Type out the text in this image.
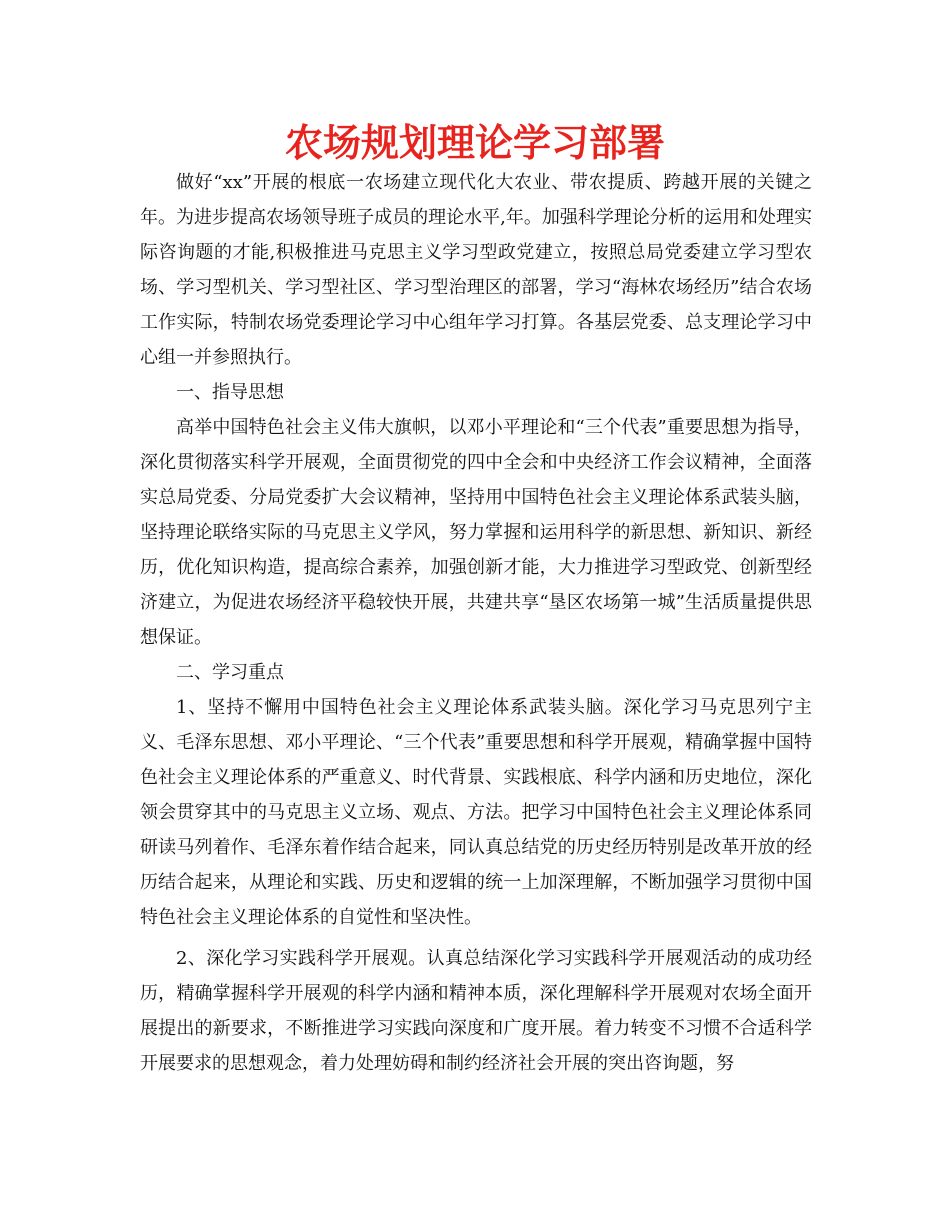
农场规划理论学习部署

做好“xx”开展的根底一农场建立现代化大农业、带农提质、跨越开展的关键之年。为进步提高农场领导班子成员的理论水平,年。加强科学理论分析的运用和处理实际咨询题的才能,积极推进马克思主义学习型政党建立，按照总局党委建立学习型农场、学习型机关、学习型社区、学习型治理区的部署，学习“海林农场经历”结合农场工作实际，特制农场党委理论学习中心组年学习打算。各基层党委、总支理论学习中心组一并参照执行。

一、指导思想

高举中国特色社会主义伟大旗帜，以邓小平理论和“三个代表”重要思想为指导，深化贯彻落实科学开展观，全面贯彻党的四中全会和中央经济工作会议精神，全面落实总局党委、分局党委扩大会议精神，坚持用中国特色社会主义理论体系武装头脑，坚持理论联络实际的马克思主义学风，努力掌握和运用科学的新思想、新知识、新经历，优化知识构造，提高综合素养，加强创新才能，大力推进学习型政党、创新型经济建立，为促进农场经济平稳较快开展，共建共享“垦区农场第一城”生活质量提供思想保证。

二、学习重点

1、坚持不懈用中国特色社会主义理论体系武装头脑。深化学习马克思列宁主义、毛泽东思想、邓小平理论、“三个代表”重要思想和科学开展观，精确掌握中国特色社会主义理论体系的严重意义、时代背景、实践根底、科学内涵和历史地位，深化领会贯穿其中的马克思主义立场、观点、方法。把学习中国特色社会主义理论体系同研读马列着作、毛泽东着作结合起来，同认真总结党的历史经历特别是改革开放的经历结合起来，从理论和实践、历史和逻辑的统一上加深理解，不断加强学习贯彻中国特色社会主义理论体系的自觉性和坚决性。

2、深化学习实践科学开展观。认真总结深化学习实践科学开展观活动的成功经历，精确掌握科学开展观的科学内涵和精神本质，深化理解科学开展观对农场全面开展提出的新要求，不断推进学习实践向深度和广度开展。着力转变不习惯不合适科学开展要求的思想观念，着力处理妨碍和制约经济社会开展的突出咨询题，努
